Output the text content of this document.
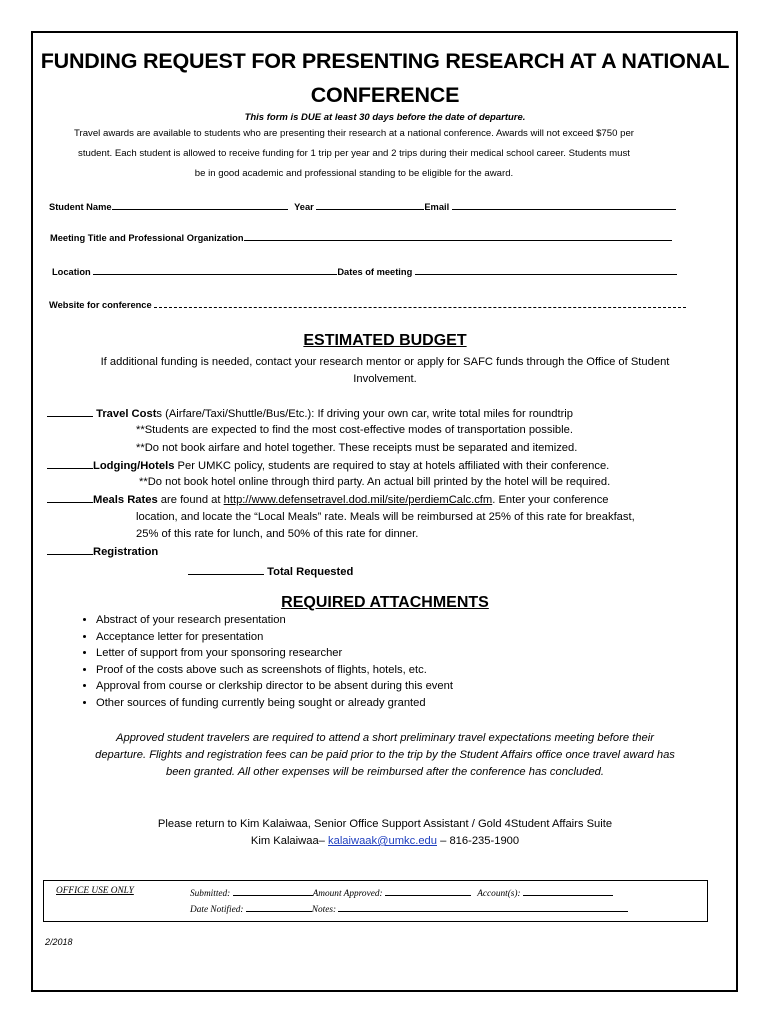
FUNDING REQUEST FOR PRESENTING RESEARCH AT A NATIONAL
CONFERENCE
This form is DUE at least 30 days before the date of departure.
Travel awards are available to students who are presenting their research at a national conference. Awards will not exceed $750 per
student. Each student is allowed to receive funding for 1 trip per year and 2 trips during their medical school career. Students must
be in good academic and professional standing to be eligible for the award.
Student Name	Year	Email
Meeting Title and Professional Organization
Location	Dates of meeting
Website for conference
ESTIMATED BUDGET
If additional funding is needed, contact your research mentor or apply for SAFC funds through the Office of Student
Involvement.
Travel Costs (Airfare/Taxi/Shuttle/Bus/Etc.): If driving your own car, write total miles for roundtrip
**Students are expected to find the most cost-effective modes of transportation possible.
**Do not book airfare and hotel together. These receipts must be separated and itemized.
Lodging/Hotels Per UMKC policy, students are required to stay at hotels affiliated with their conference.
**Do not book hotel online through third party. An actual bill printed by the hotel will be required.
Meals Rates are found at http://www.defensetravel.dod.mil/site/perdiemCalc.cfm. Enter your conference
location, and locate the “Local Meals” rate. Meals will be reimbursed at 25% of this rate for breakfast,
25% of this rate for lunch, and 50% of this rate for dinner.
Registration
Total Requested
REQUIRED ATTACHMENTS
• Abstract of your research presentation
• Acceptance letter for presentation
• Letter of support from your sponsoring researcher
• Proof of the costs above such as screenshots of flights, hotels, etc.
• Approval from course or clerkship director to be absent during this event
• Other sources of funding currently being sought or already granted
Approved student travelers are required to attend a short preliminary travel expectations meeting before their
departure. Flights and registration fees can be paid prior to the trip by the Student Affairs office once travel award has
been granted. All other expenses will be reimbursed after the conference has concluded.
Please return to Kim Kalaiwaa, Senior Office Support Assistant / Gold 4Student Affairs Suite
Kim Kalaiwaa– kalaiwaak@umkc.edu – 816-235-1900
OFFICE USE ONLY	Submitted:	Amount Approved:	Account(s):
Date Notified:	Notes:
2/2018
